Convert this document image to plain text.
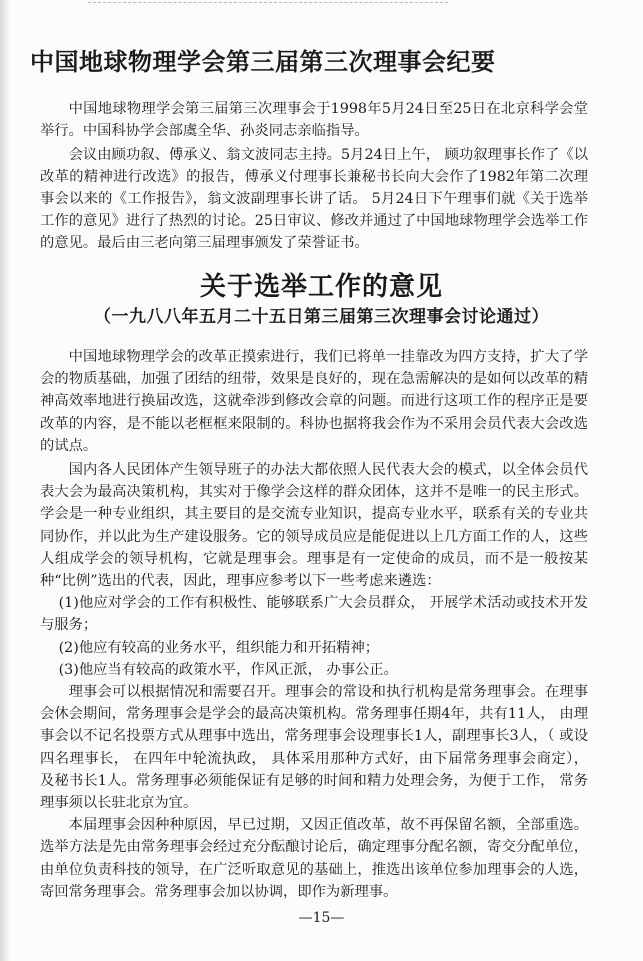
中国地球物理学会第三届第三次理事会纪要

中国地球物理学会第三届第三次理事会于1998年5月24日至25日在北京科学会堂举行。中国科协学会部虞全华、孙炎同志亲临指导。

会议由顾功叙、傅承义、翁文波同志主持。5月24日上午， 顾功叙理事长作了《以改革的精神进行改选》的报告，傅承义付理事长兼秘书长向大会作了1982年第二次理事会以来的《工作报告》，翁文波副理事长讲了话。 5月24日下午理事们就《关于选举工作的意见》进行了热烈的讨论。25日审议、修改并通过了中国地球物理学会选举工作的意见。最后由三老向第三届理事颁发了荣誉证书。

关于选举工作的意见
（一九八八年五月二十五日第三届第三次理事会讨论通过）

中国地球物理学会的改革正摸索进行，我们已将单一挂靠改为四方支持，扩大了学会的物质基础，加强了团结的纽带，效果是良好的，现在急需解决的是如何以改革的精神高效率地进行换届改选，这就牵涉到修改会章的问题。而进行这项工作的程序正是要改革的内容，是不能以老框框来限制的。科协也据将我会作为不采用会员代表大会改选的试点。

国内各人民团体产生领导班子的办法大都依照人民代表大会的模式，以全体会员代表大会为最高决策机构，其实对于像学会这样的群众团体，这并不是唯一的民主形式。学会是一种专业组织，其主要目的是交流专业知识，提高专业水平，联系有关的专业共同协作，并以此为生产建设服务。它的领导成员应是能促进以上几方面工作的人，这些人组成学会的领导机构，它就是理事会。理事是有一定使命的成员，而不是一般按某种“比例”选出的代表，因此，理事应参考以下一些考虑来遴选：

(1)他应对学会的工作有积极性、能够联系广大会员群众， 开展学术活动或技术开发与服务；

(2)他应有较高的业务水平，组织能力和开拓精神；

(3)他应当有较高的政策水平，作风正派， 办事公正。

理事会可以根据情况和需要召开。理事会的常设和执行机构是常务理事会。在理事会休会期间，常务理事会是学会的最高决策机构。常务理事任期4年，共有11人， 由理事会以不记名投票方式从理事中选出，常务理事会设理事长1人，副理事长3人，（ 或设四名理事长， 在四年中轮流执政， 具体采用那种方式好，由下届常务理事会商定）， 及秘书长1人。常务理事必须能保证有足够的时间和精力处理会务，为便于工作， 常务理事须以长驻北京为宜。

本届理事会因种种原因，早已过期，又因正值改革，故不再保留名额，全部重选。选举方法是先由常务理事会经过充分酝酿讨论后，确定理事分配名额，寄交分配单位，由单位负责科技的领导，在广泛听取意见的基础上，推选出该单位参加理事会的人选，寄回常务理事会。常务理事会加以协调，即作为新理事。

—15—
